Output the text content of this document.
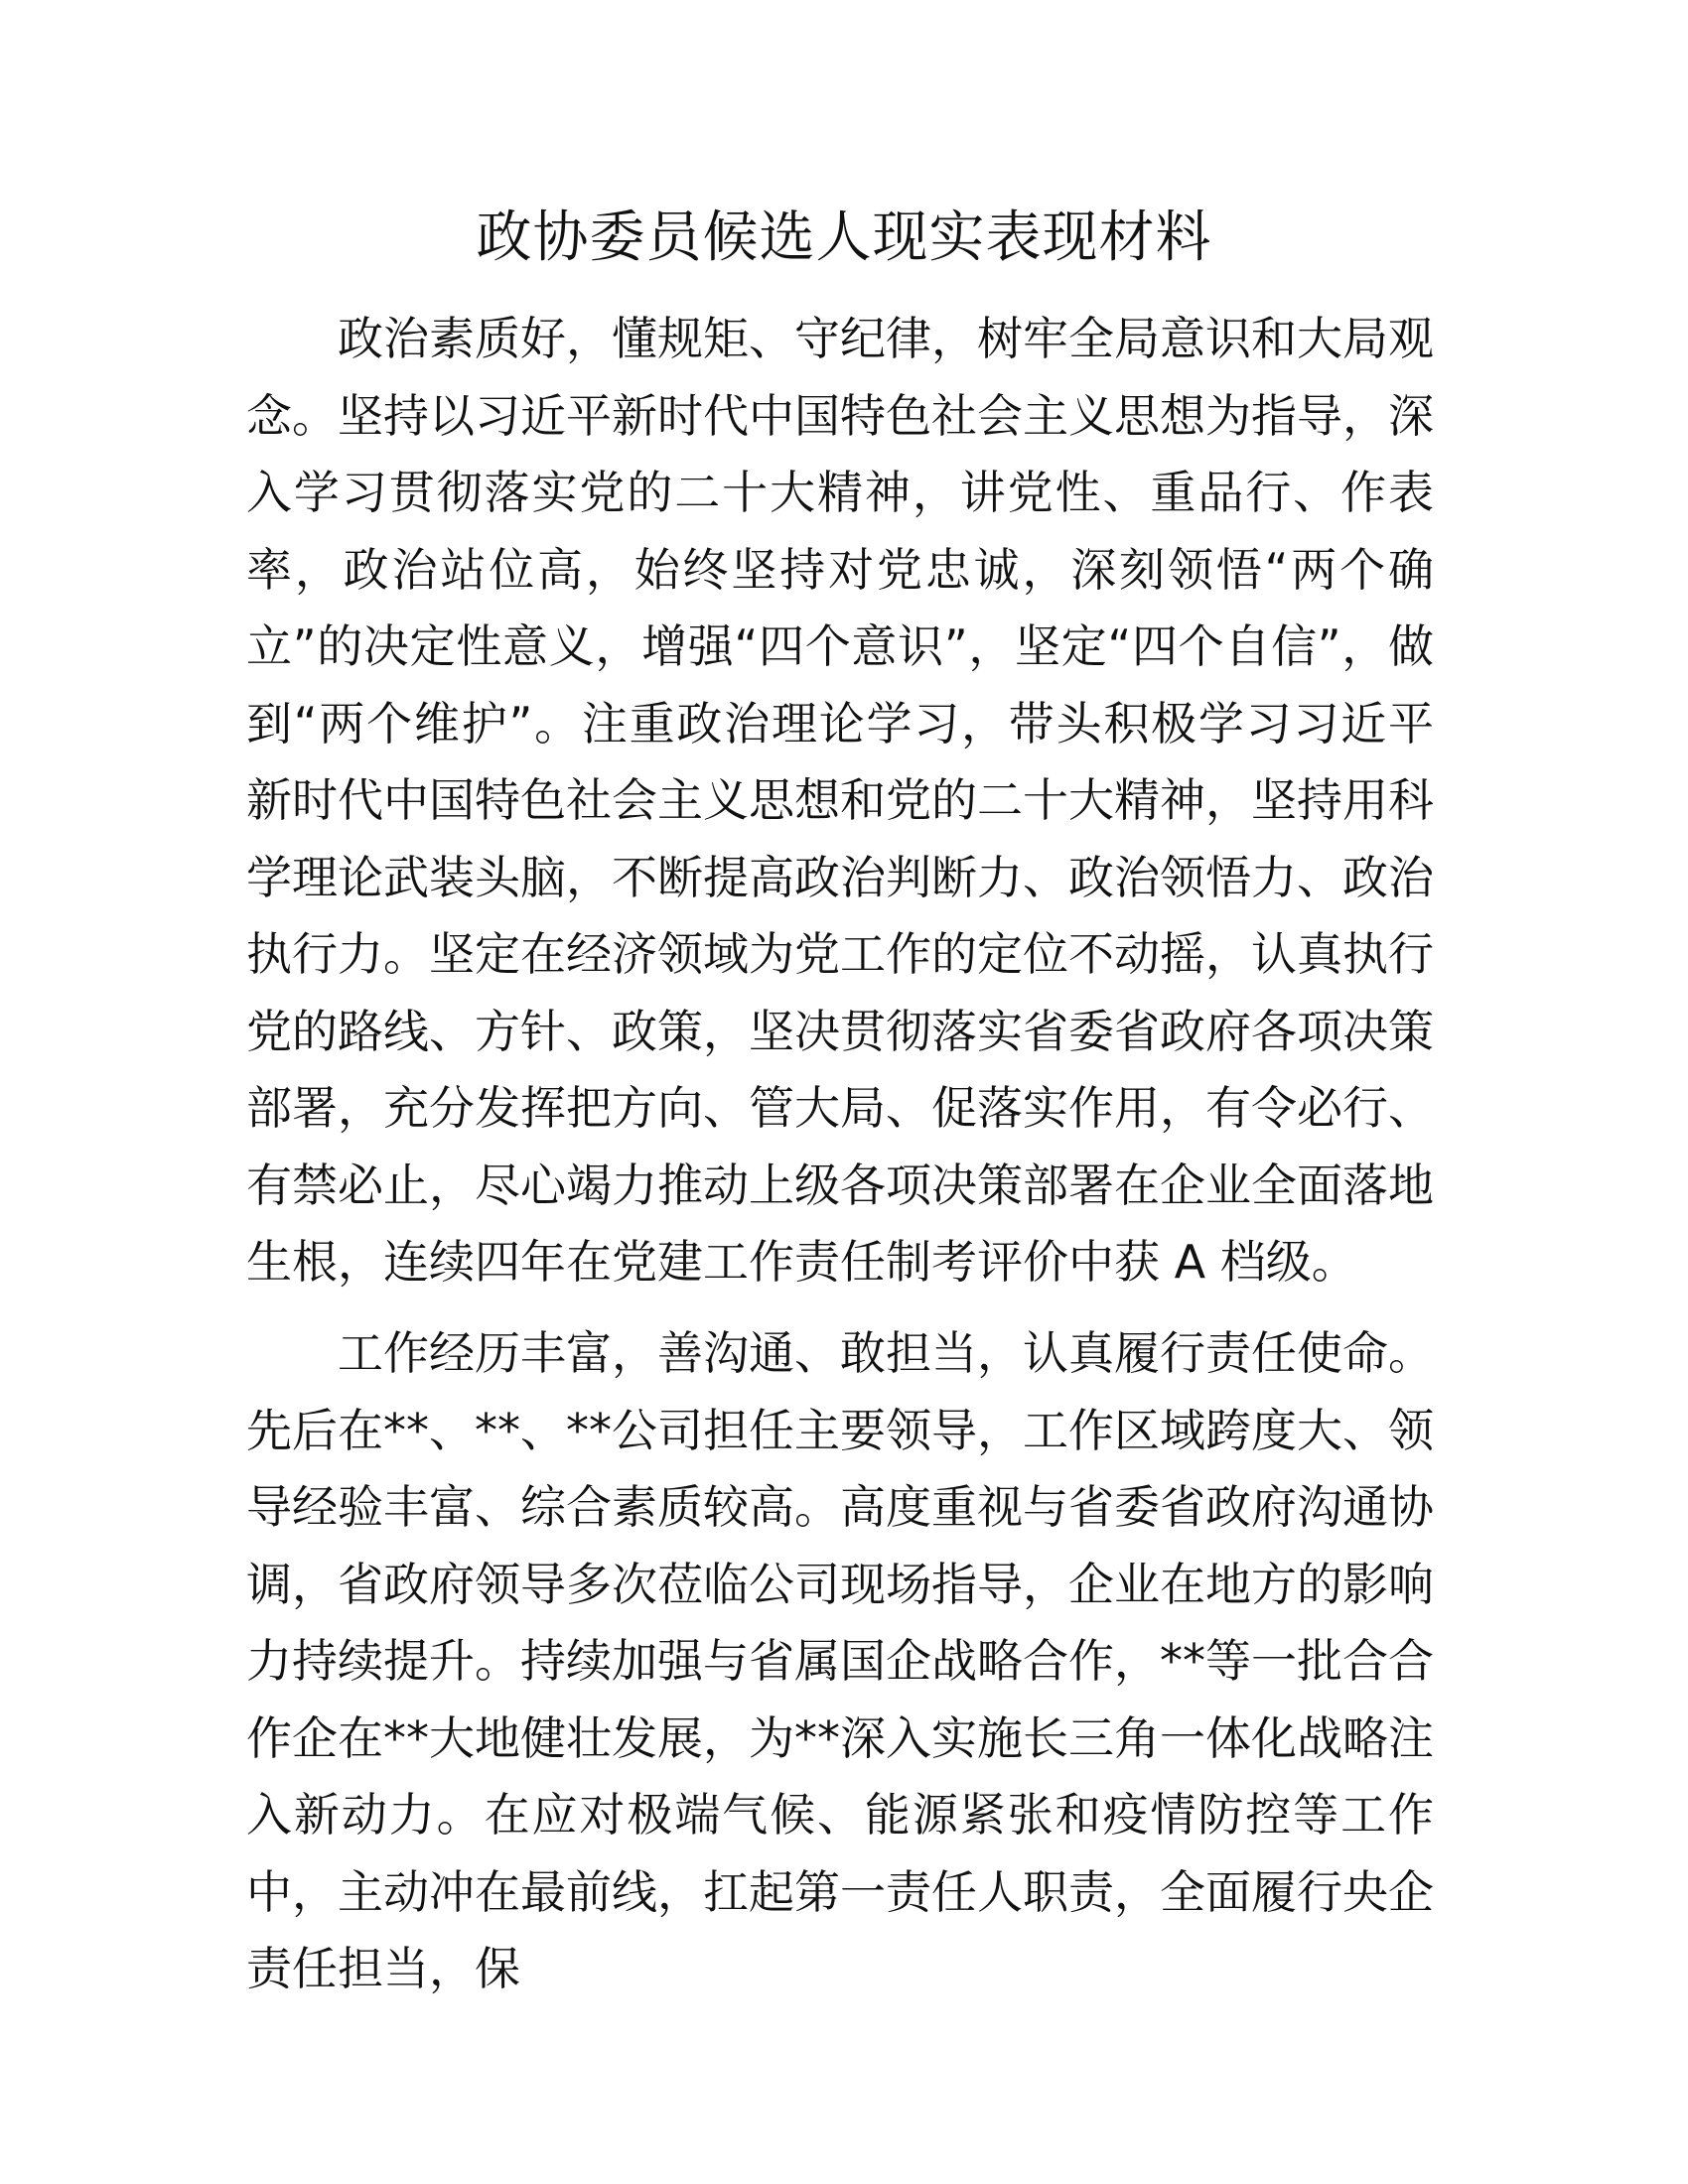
政协委员候选人现实表现材料

政治素质好，懂规矩、守纪律，树牢全局意识和大局观念。坚持以习近平新时代中国特色社会主义思想为指导，深入学习贯彻落实党的二十大精神，讲党性、重品行、作表率，政治站位高，始终坚持对党忠诚，深刻领悟“两个确立”的决定性意义，增强“四个意识”，坚定“四个自信”，做到“两个维护”。注重政治理论学习，带头积极学习习近平新时代中国特色社会主义思想和党的二十大精神，坚持用科学理论武装头脑，不断提高政治判断力、政治领悟力、政治执行力。坚定在经济领域为党工作的定位不动摇，认真执行党的路线、方针、政策，坚决贯彻落实省委省政府各项决策部署，充分发挥把方向、管大局、促落实作用，有令必行、有禁必止，尽心竭力推动上级各项决策部署在企业全面落地生根，连续四年在党建工作责任制考评价中获 A 档级。

工作经历丰富，善沟通、敢担当，认真履行责任使命。先后在**、**、**公司担任主要领导，工作区域跨度大、领导经验丰富、综合素质较高。高度重视与省委省政府沟通协调，省政府领导多次莅临公司现场指导，企业在地方的影响力持续提升。持续加强与省属国企战略合作，**等一批合合作企在**大地健壮发展，为**深入实施长三角一体化战略注入新动力。在应对极端气候、能源紧张和疫情防控等工作中，主动冲在最前线，扛起第一责任人职责，全面履行央企责任担当，保
